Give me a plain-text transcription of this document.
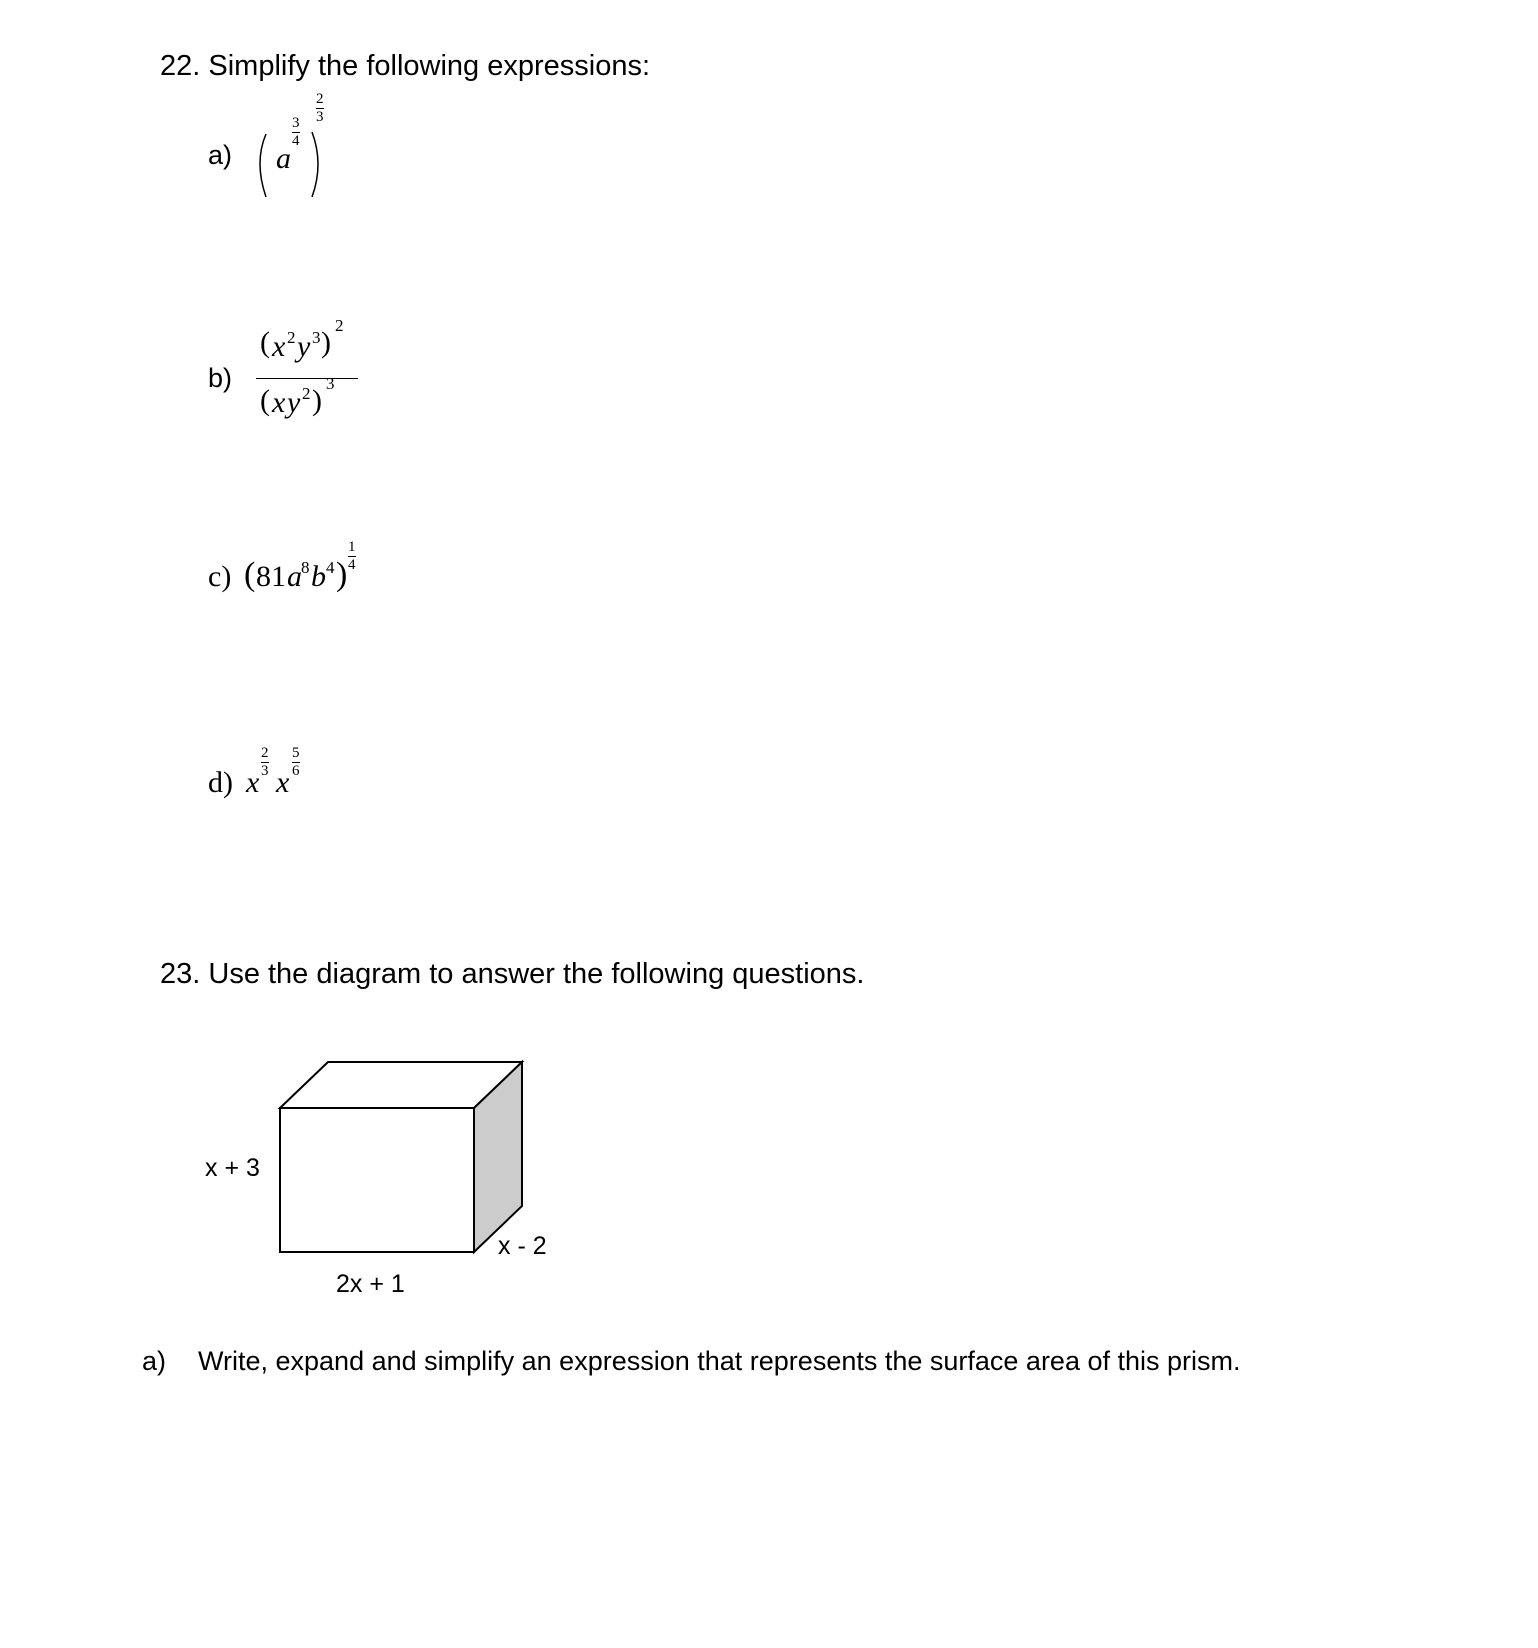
22. Simplify the following expressions:
a) a
3
4
2
3
b)
( x 2 y 3 )
2
( x y 2 )
3
c) ( 81 a 8 b 4 )
1
4
d) x
2
3 x
5
6
23. Use the diagram to answer the following questions.
x + 3
2x + 1
x - 2
a) Write, expand and simplify an expression that represents the surface area of this prism.
